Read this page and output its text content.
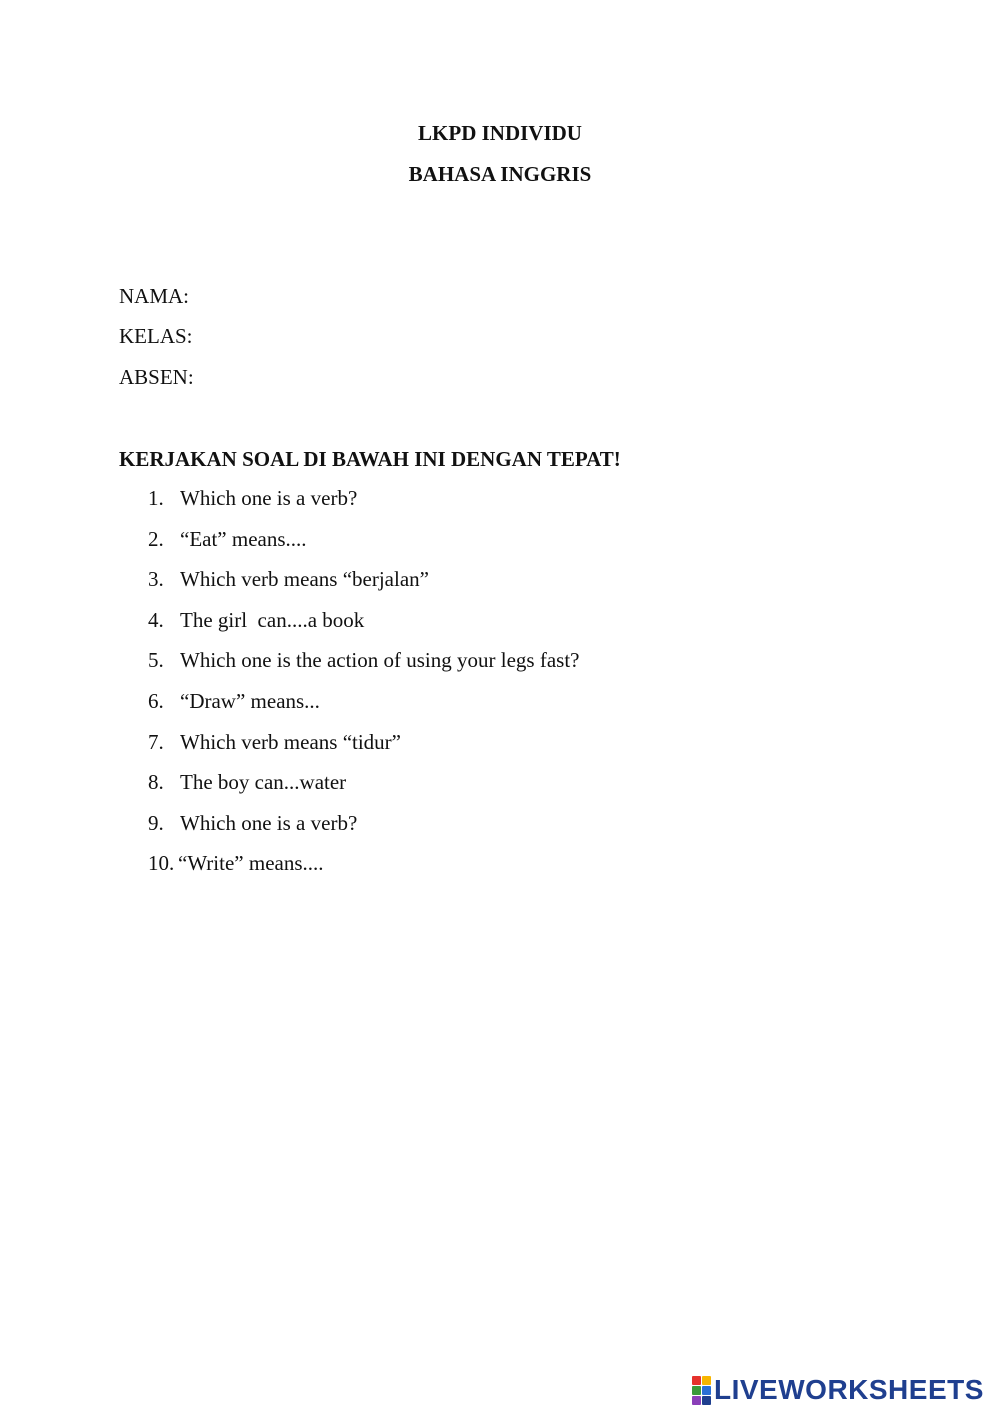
LKPD INDIVIDU
BAHASA INGGRIS
NAMA:
KELAS:
ABSEN:
KERJAKAN SOAL DI BAWAH INI DENGAN TEPAT!
1. Which one is a verb?
2. “Eat” means....
3. Which verb means “berjalan”
4. The girl  can....a book
5. Which one is the action of using your legs fast?
6. “Draw” means...
7. Which verb means “tidur”
8. The boy can...water
9. Which one is a verb?
10. “Write” means....
LIVEWORKSHEETS
